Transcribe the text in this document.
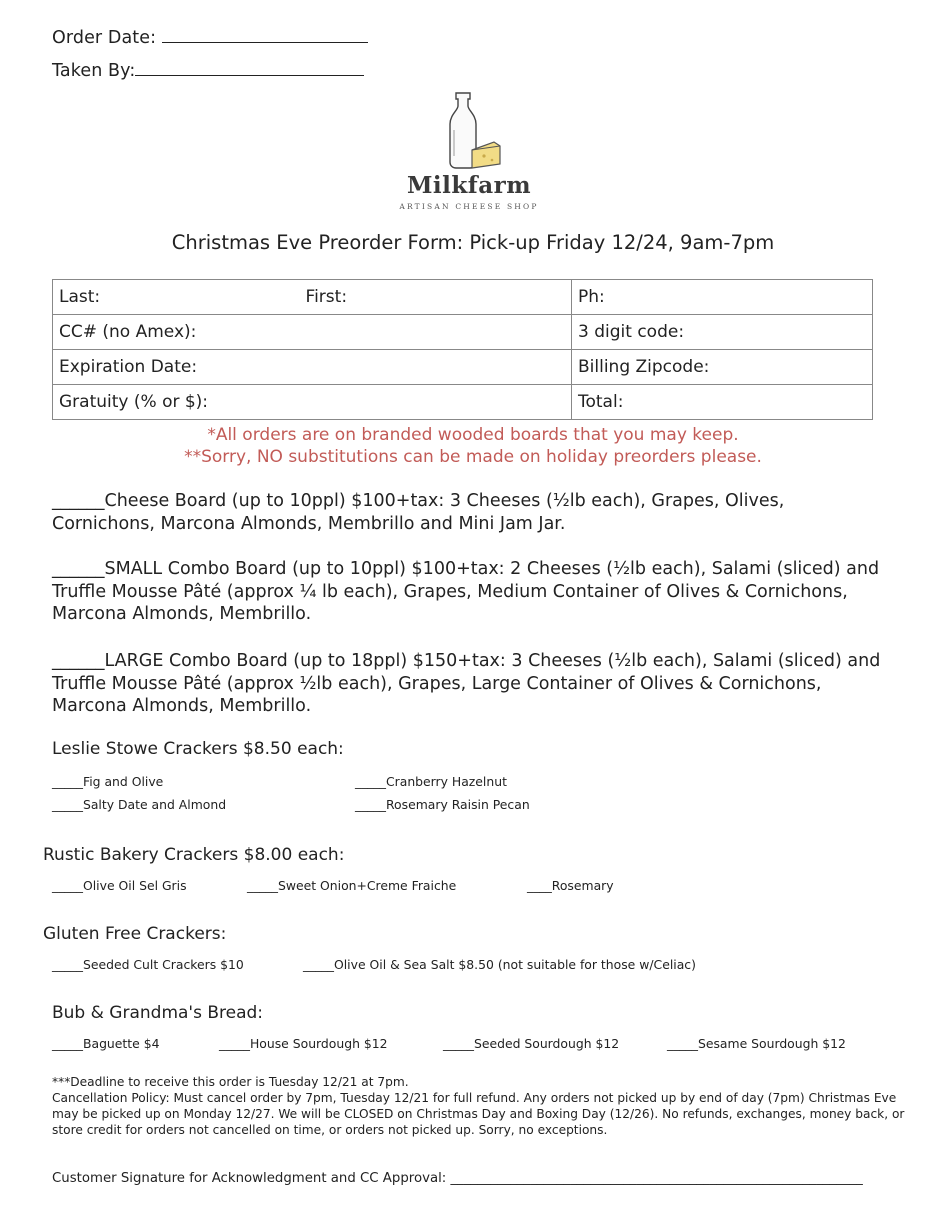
Order Date:
Taken By:
Milkfarm
ARTISAN CHEESE SHOP
Christmas Eve Preorder Form: Pick-up Friday 12/24, 9am-7pm
Last: First:	Ph:
CC# (no Amex):	3 digit code:
Expiration Date:	Billing Zipcode:
Gratuity (% or $):	Total:
*All orders are on branded wooded boards that you may keep.
**Sorry, NO substitutions can be made on holiday preorders please.
______Cheese Board (up to 10ppl) $100+tax: 3 Cheeses (½lb each), Grapes, Olives, Cornichons, Marcona Almonds, Membrillo and Mini Jam Jar.
______SMALL Combo Board (up to 10ppl) $100+tax: 2 Cheeses (½lb each), Salami (sliced) and Truffle Mousse Pâté (approx ¼ lb each), Grapes, Medium Container of Olives & Cornichons, Marcona Almonds, Membrillo.
______LARGE Combo Board (up to 18ppl) $150+tax: 3 Cheeses (½lb each), Salami (sliced) and Truffle Mousse Pâté (approx ½lb each), Grapes, Large Container of Olives & Cornichons, Marcona Almonds, Membrillo.
Leslie Stowe Crackers $8.50 each:
_____Fig and Olive	_____Cranberry Hazelnut
_____Salty Date and Almond	_____Rosemary Raisin Pecan
Rustic Bakery Crackers $8.00 each:
_____Olive Oil Sel Gris	_____Sweet Onion+Creme Fraiche	____Rosemary
Gluten Free Crackers:
_____Seeded Cult Crackers $10	_____Olive Oil & Sea Salt $8.50 (not suitable for those w/Celiac)
Bub & Grandma's Bread:
_____Baguette $4	_____House Sourdough $12	_____Seeded Sourdough $12	_____Sesame Sourdough $12
***Deadline to receive this order is Tuesday 12/21 at 7pm.
Cancellation Policy: Must cancel order by 7pm, Tuesday 12/21 for full refund. Any orders not picked up by end of day (7pm) Christmas Eve
may be picked up on Monday 12/27. We will be CLOSED on Christmas Day and Boxing Day (12/26). No refunds, exchanges, money back, or
store credit for orders not cancelled on time, or orders not picked up. Sorry, no exceptions.
Customer Signature for Acknowledgment and CC Approval: ______________________________________________________________
